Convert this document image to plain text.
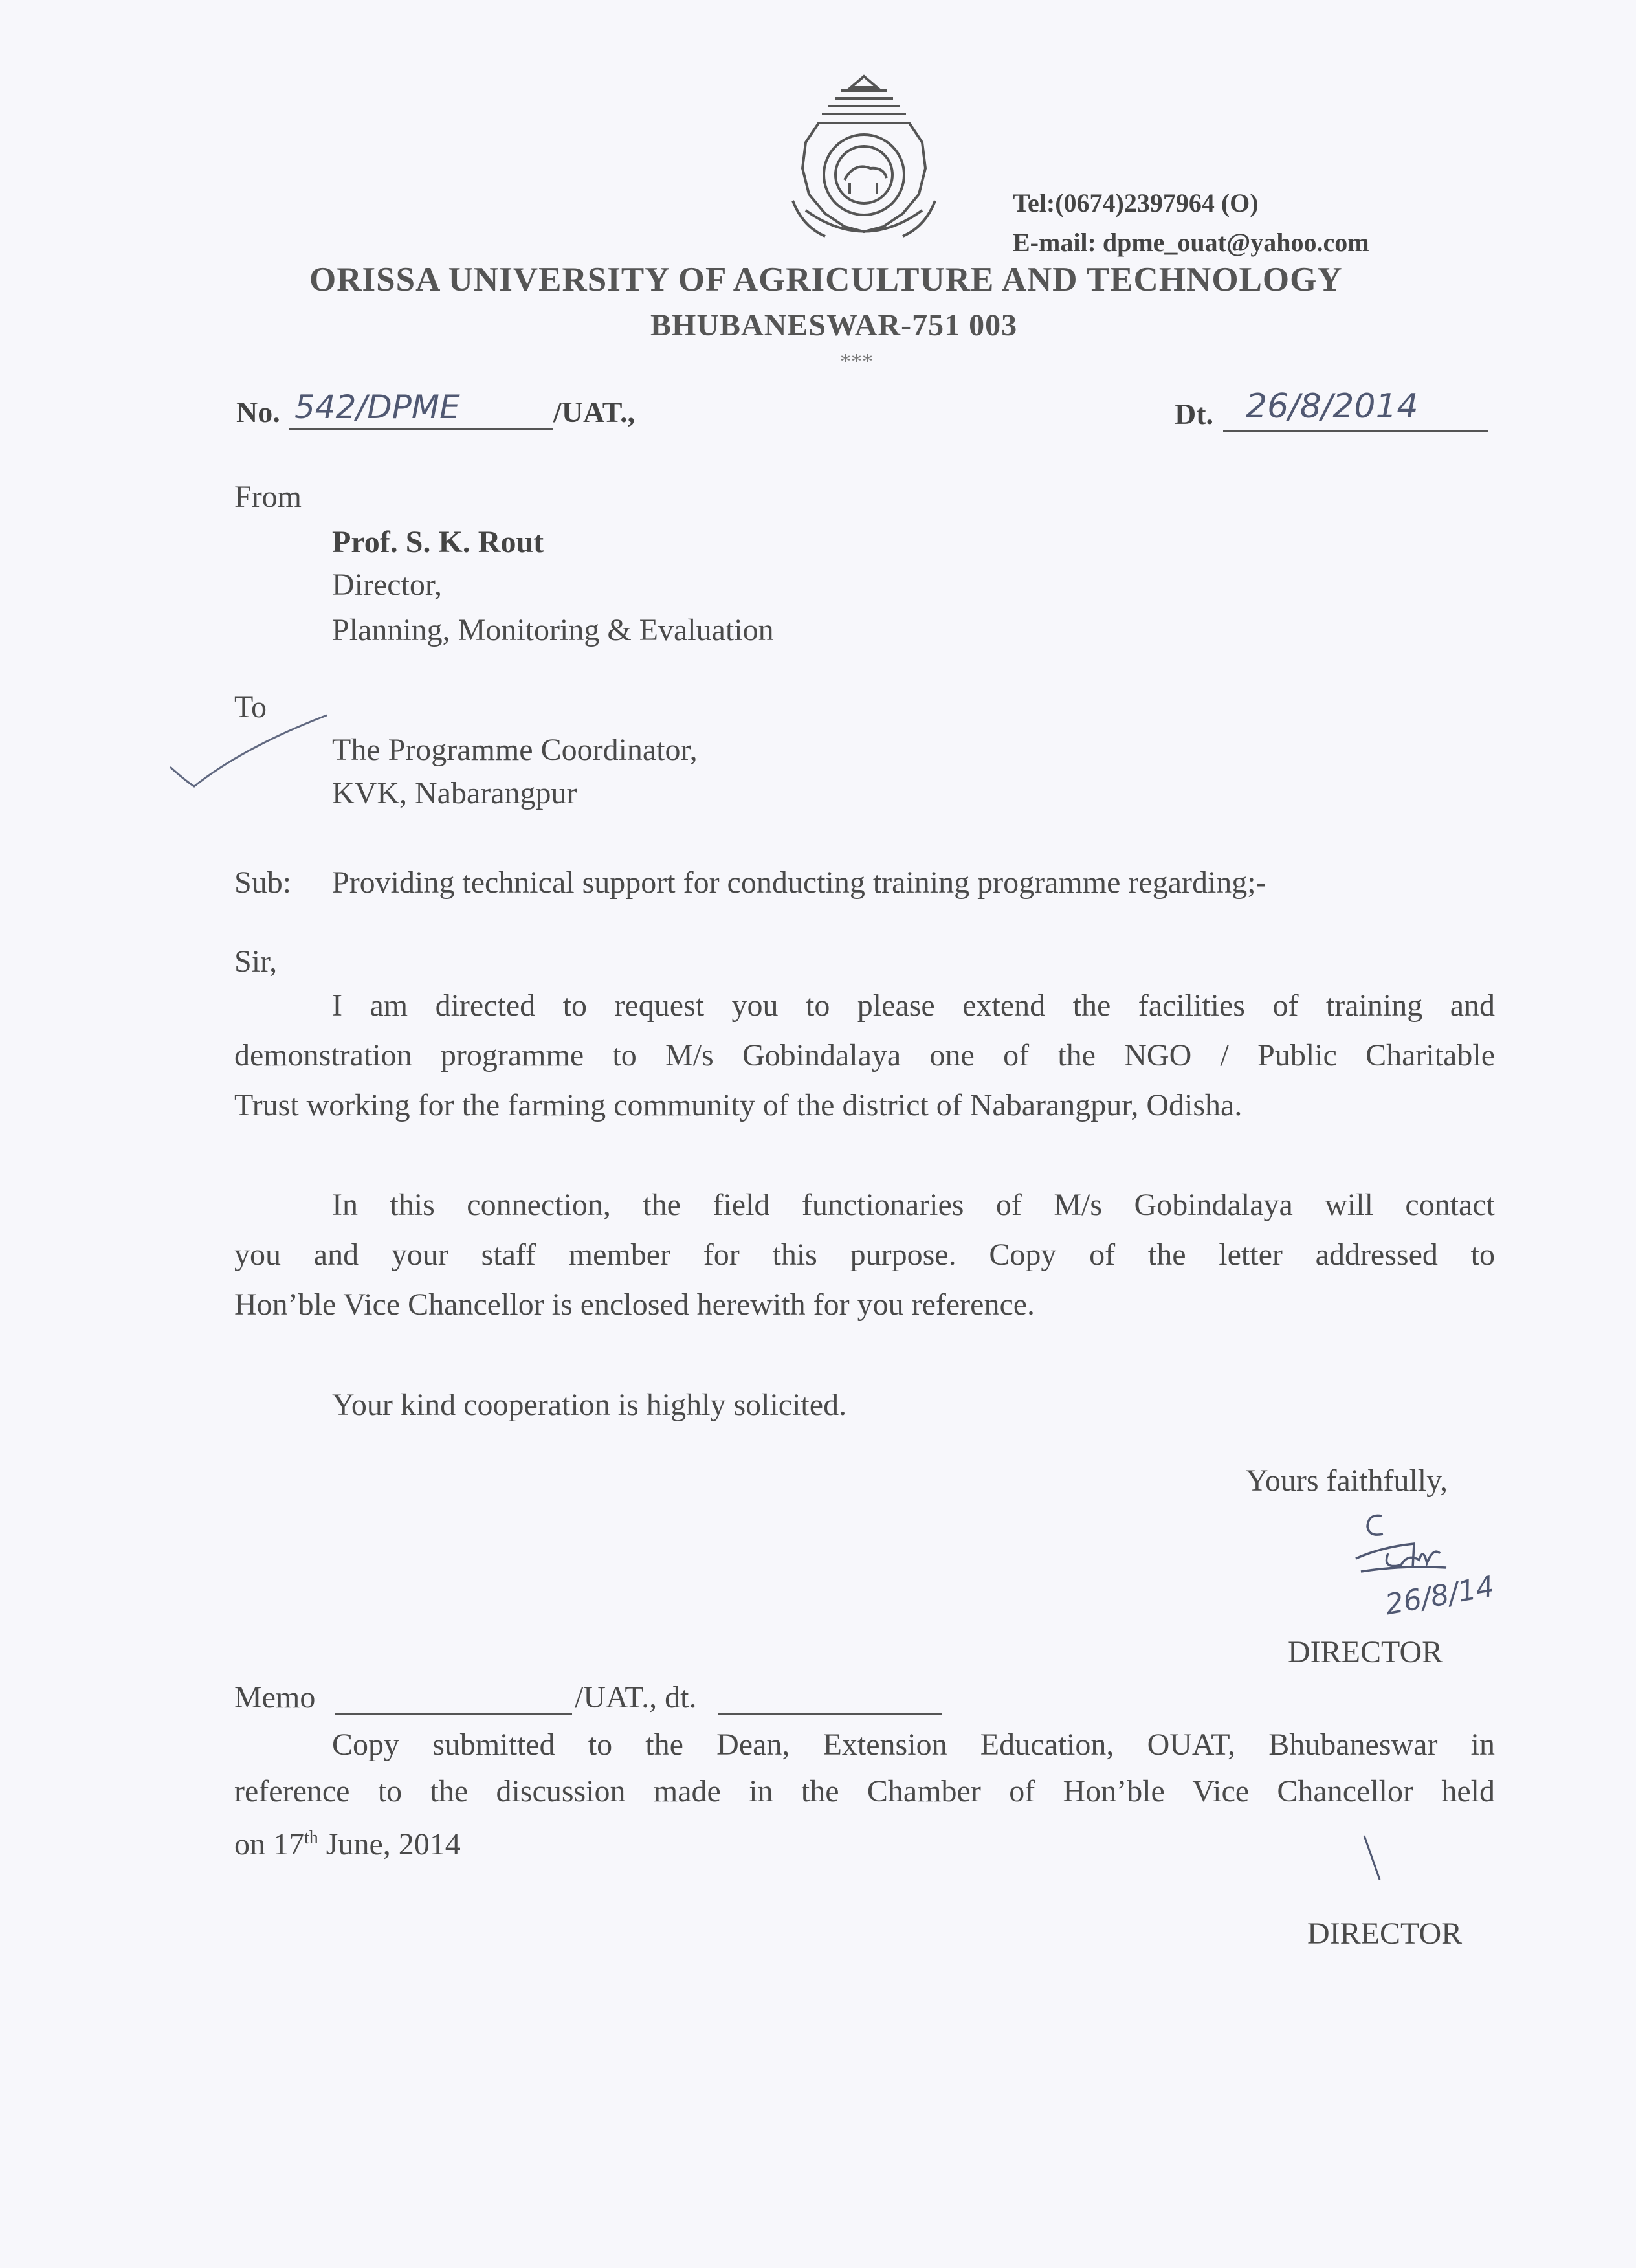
Tel:(0674)2397964 (O)
E-mail: dpme_ouat@yahoo.com
ORISSA UNIVERSITY OF AGRICULTURE AND TECHNOLOGY
BHUBANESWAR-751 003
***
No. 542/DPME	/UAT.,	Dt. 26/8/2014
From
Prof. S. K. Rout
Director,
Planning, Monitoring & Evaluation
To
The Programme Coordinator,
KVK, Nabarangpur
Sub: Providing technical support for conducting training programme regarding;-
Sir,
I am directed to request you to please extend the facilities of training and
demonstration programme to M/s Gobindalaya one of the NGO / Public Charitable
Trust working for the farming community of the district of Nabarangpur, Odisha.
In this connection, the field functionaries of M/s Gobindalaya will contact
you and your staff member for this purpose. Copy of the letter addressed to
Hon’ble Vice Chancellor is enclosed herewith for you reference.
Your kind cooperation is highly solicited.
Yours faithfully,
26/8/14
DIRECTOR
Memo	/UAT., dt.
Copy submitted to the Dean, Extension Education, OUAT, Bhubaneswar in
reference to the discussion made in the Chamber of Hon’ble Vice Chancellor held
on 17th June, 2014
DIRECTOR
